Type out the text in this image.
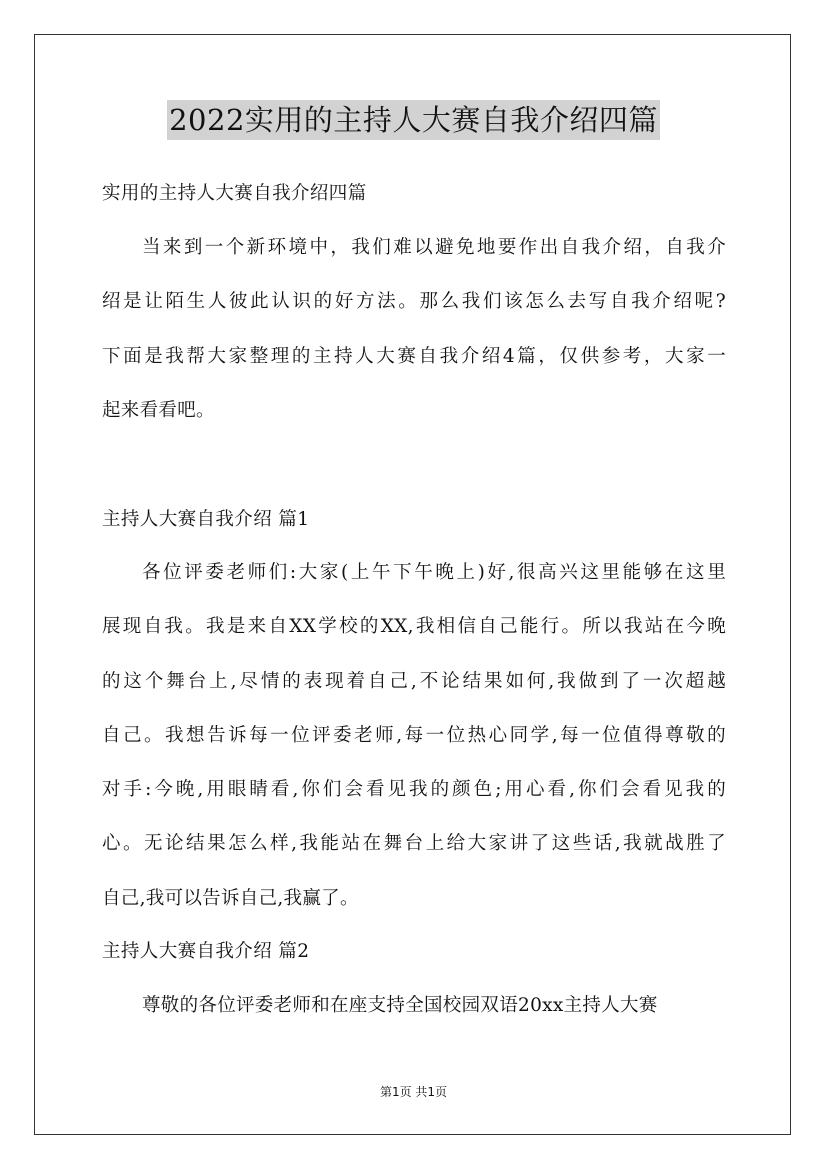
2022实用的主持人大赛自我介绍四篇
实用的主持人大赛自我介绍四篇
当来到一个新环境中，我们难以避免地要作出自我介绍，自我介
绍是让陌生人彼此认识的好方法。那么我们该怎么去写自我介绍呢?
下面是我帮大家整理的主持人大赛自我介绍4篇，仅供参考，大家一
起来看看吧。
主持人大赛自我介绍 篇1
各位评委老师们:大家(上午下午晚上)好,很高兴这里能够在这里
展现自我。我是来自XX学校的XX,我相信自己能行。所以我站在今晚
的这个舞台上,尽情的表现着自己,不论结果如何,我做到了一次超越
自己。我想告诉每一位评委老师,每一位热心同学,每一位值得尊敬的
对手:今晚,用眼睛看,你们会看见我的颜色;用心看,你们会看见我的
心。无论结果怎么样,我能站在舞台上给大家讲了这些话,我就战胜了
自己,我可以告诉自己,我赢了。
主持人大赛自我介绍 篇2
尊敬的各位评委老师和在座支持全国校园双语20xx主持人大赛
第1页 共1页
